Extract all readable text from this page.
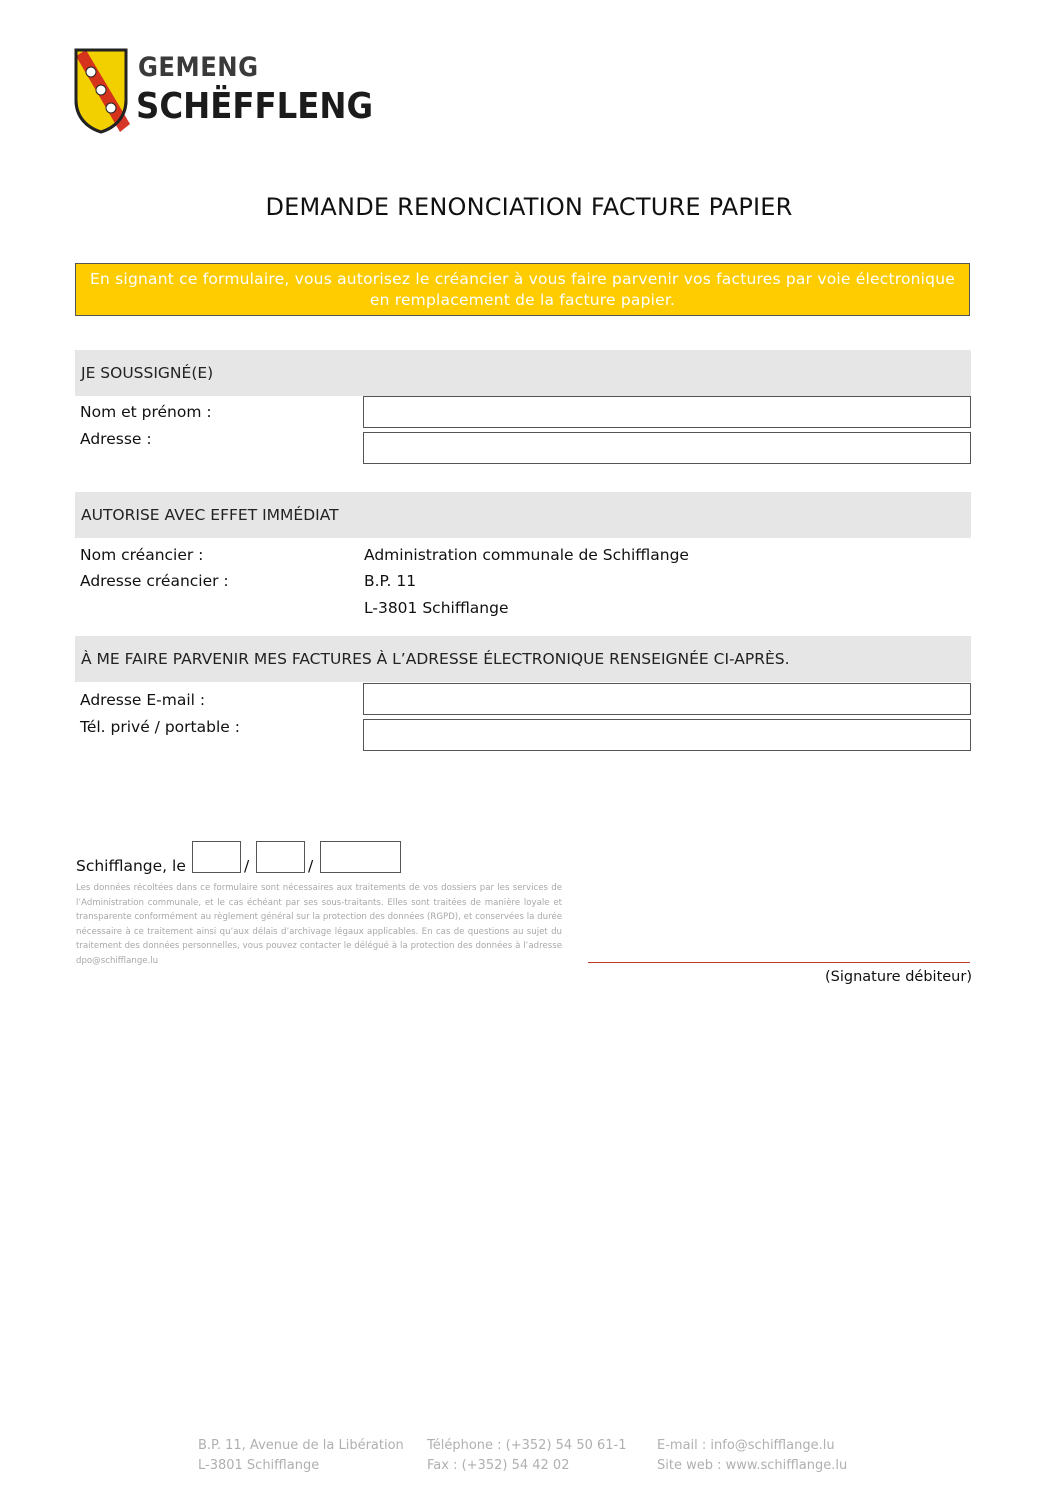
GEMENG
SCHËFFLENG
DEMANDE RENONCIATION FACTURE PAPIER
En signant ce formulaire, vous autorisez le créancier à vous faire parvenir vos factures par voie électronique
en remplacement de la facture papier.
JE SOUSSIGNÉ(E)
Nom et prénom :
Adresse :
AUTORISE AVEC EFFET IMMÉDIAT
Nom créancier :	Administration communale de Schifflange
Adresse créancier :	B.P. 11
L-3801 Schifflange
À ME FAIRE PARVENIR MES FACTURES À L’ADRESSE ÉLECTRONIQUE RENSEIGNÉE CI-APRÈS.
Adresse E-mail :
Tél. privé / portable :
Schifflange, le	/	/
Les données récoltées dans ce formulaire sont nécessaires aux traitements de vos dossiers par les services de l’Administration communale, et le cas échéant par ses sous-traitants. Elles sont traitées de manière loyale et transparente conformément au règlement général sur la protection des données (RGPD), et conservées la durée nécessaire à ce traitement ainsi qu’aux délais d’archivage légaux applicables. En cas de questions au sujet du traitement des données personnelles, vous pouvez contacter le délégué à la protection des données à l’adresse dpo@schifflange.lu
(Signature débiteur)
B.P. 11, Avenue de la Libération
L-3801 Schifflange
Téléphone : (+352) 54 50 61-1
Fax : (+352) 54 42 02
E-mail : info@schifflange.lu
Site web : www.schifflange.lu
